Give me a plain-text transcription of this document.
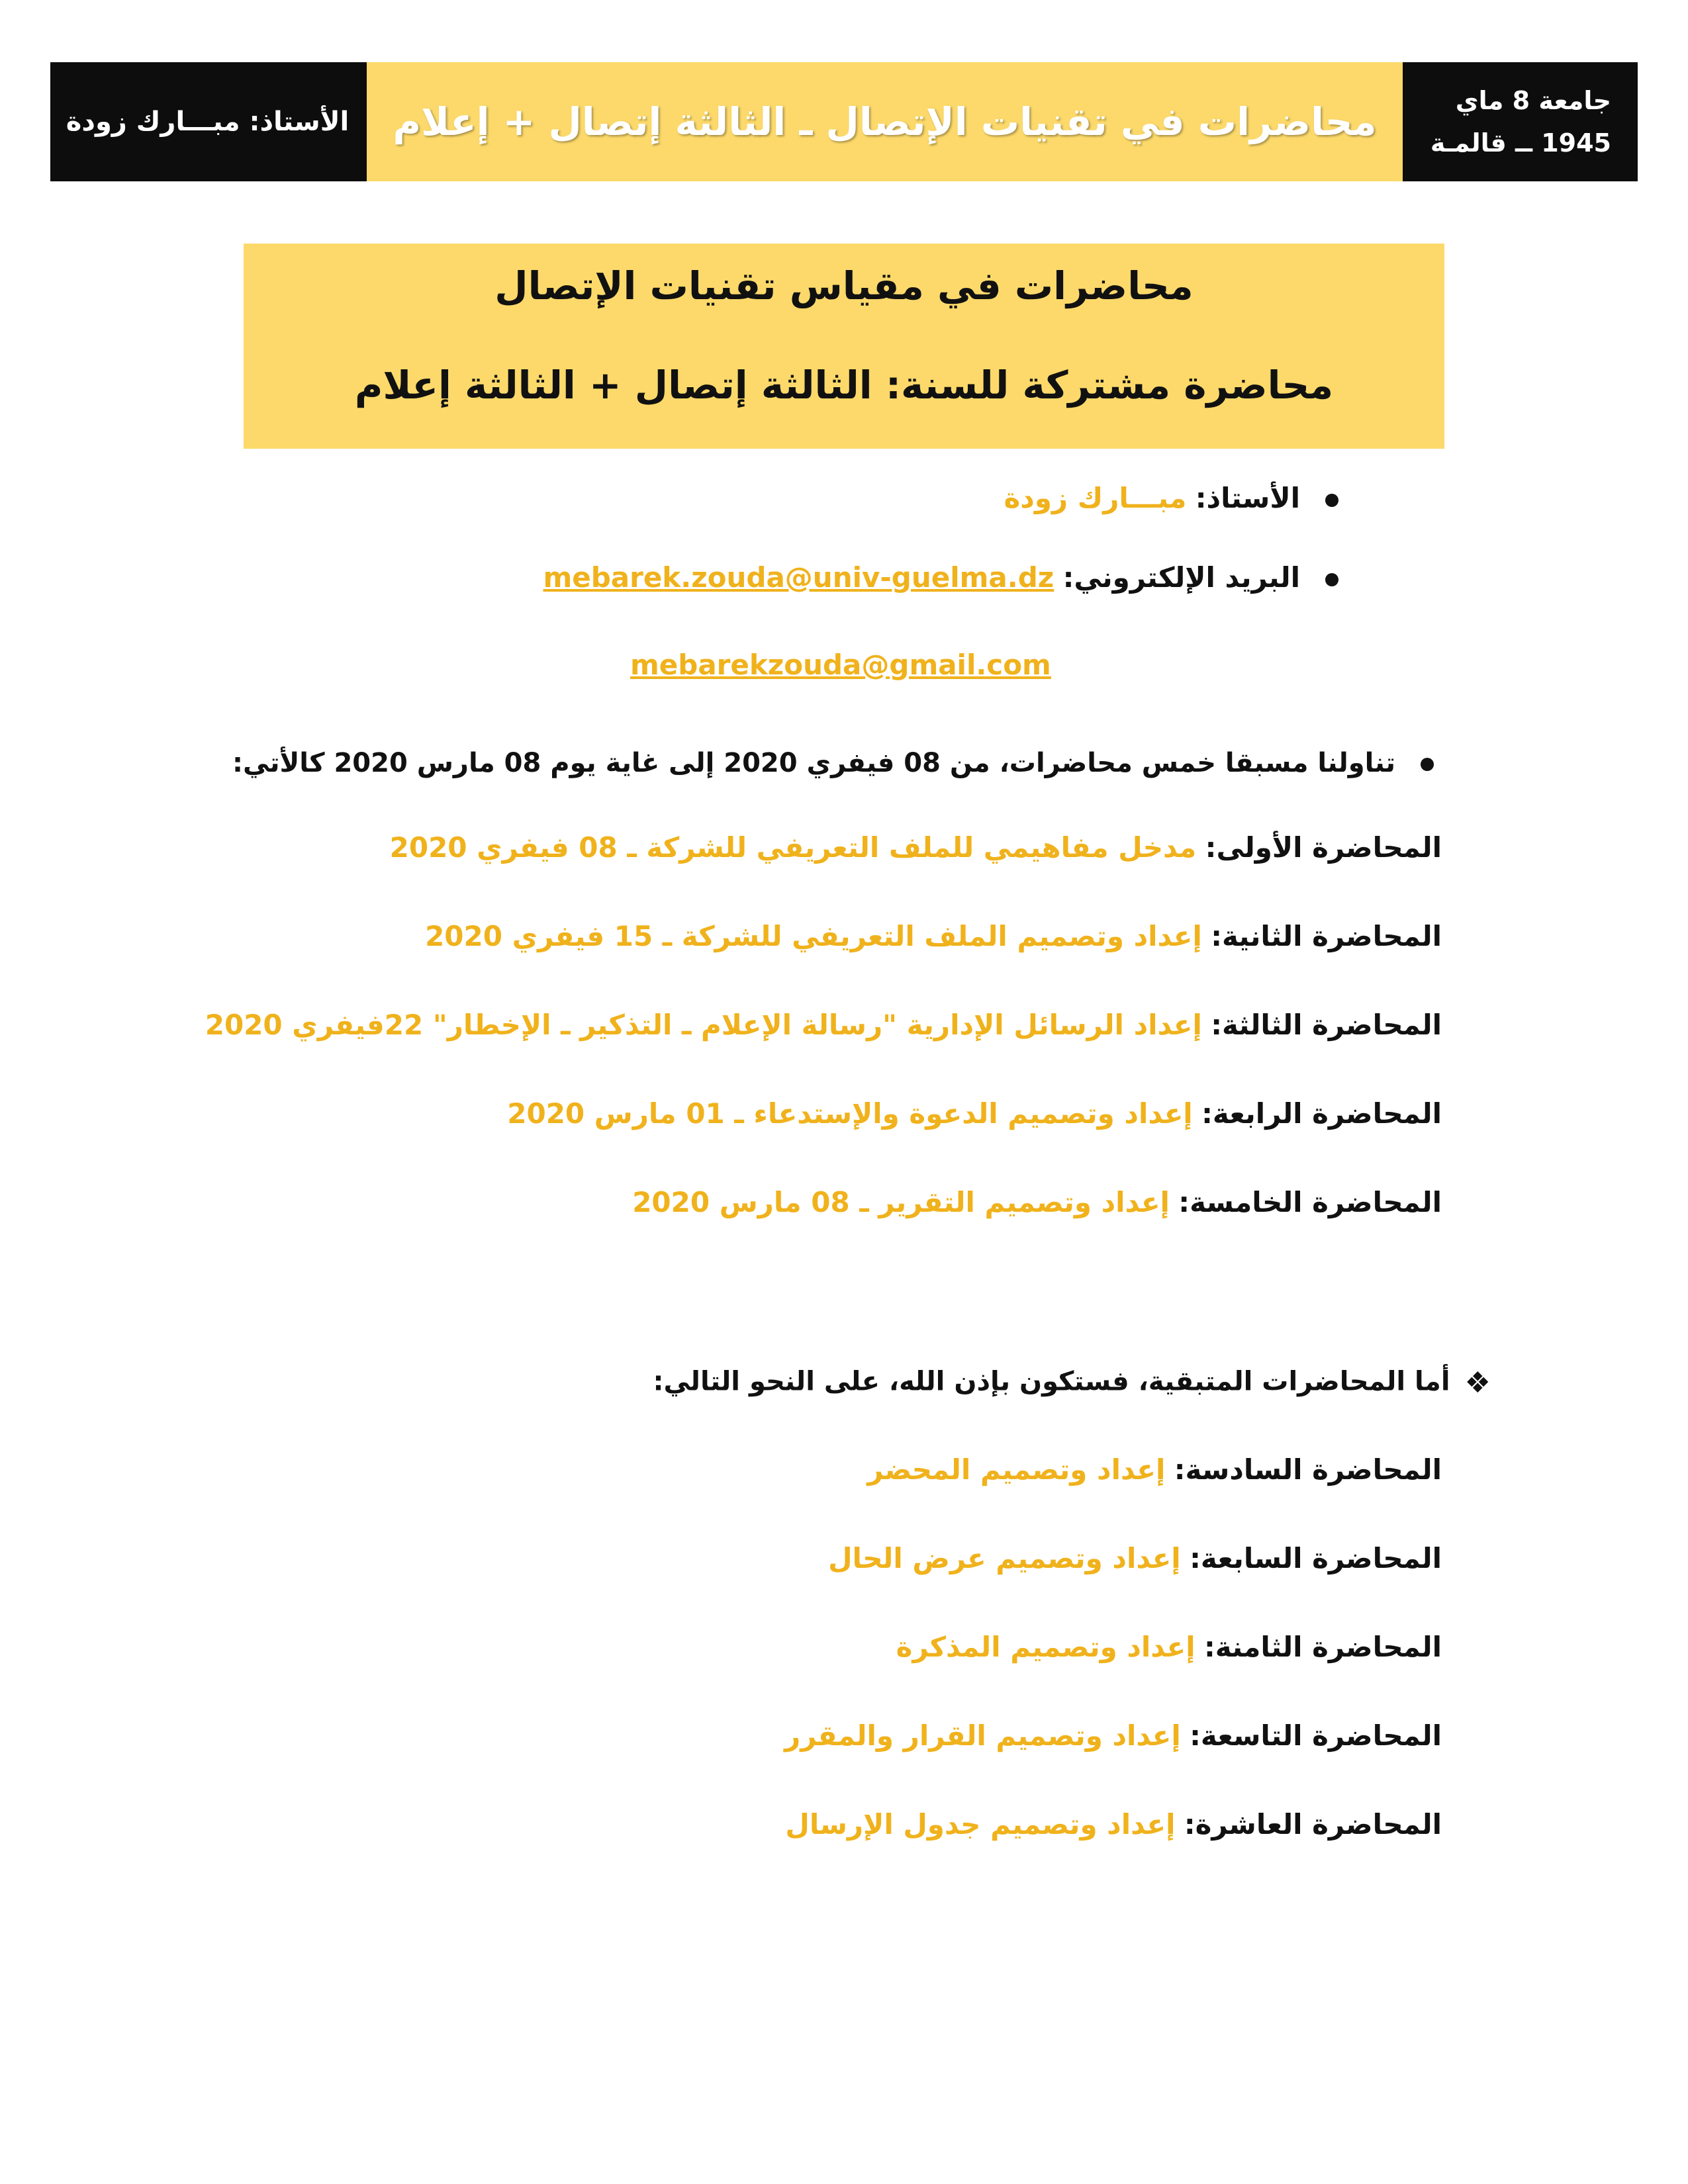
جامعة 8 ماي
1945 ــ قالمـة
محاضرات في تقنيات الإتصال ـ الثالثة إتصال + إعلام
الأستاذ: مبـــارك زودة
محاضرات في مقياس تقنيات الإتصال
محاضرة مشتركة للسنة: الثالثة إتصال + الثالثة إعلام
الأستاذ: مبـــارك زودة
البريد الإلكتروني: mebarek.zouda@univ-guelma.dz
mebarekzouda@gmail.com
تناولنا مسبقا خمس محاضرات، من 08 فيفري 2020 إلى غاية يوم 08 مارس 2020 كالأتي:
المحاضرة الأولى: مدخل مفاهيمي للملف التعريفي للشركة ـ 08 فيفري 2020
المحاضرة الثانية: إعداد وتصميم الملف التعريفي للشركة ـ 15 فيفري 2020
المحاضرة الثالثة: إعداد الرسائل الإدارية "رسالة الإعلام ـ التذكير ـ الإخطار" 22فيفري 2020
المحاضرة الرابعة: إعداد وتصميم الدعوة والإستدعاء ـ 01 مارس 2020
المحاضرة الخامسة: إعداد وتصميم التقرير ـ 08 مارس 2020
❖أما المحاضرات المتبقية، فستكون بإذن الله، على النحو التالي:
المحاضرة السادسة: إعداد وتصميم المحضر
المحاضرة السابعة: إعداد وتصميم عرض الحال
المحاضرة الثامنة: إعداد وتصميم المذكرة
المحاضرة التاسعة: إعداد وتصميم القرار والمقرر
المحاضرة العاشرة: إعداد وتصميم جدول الإرسال
